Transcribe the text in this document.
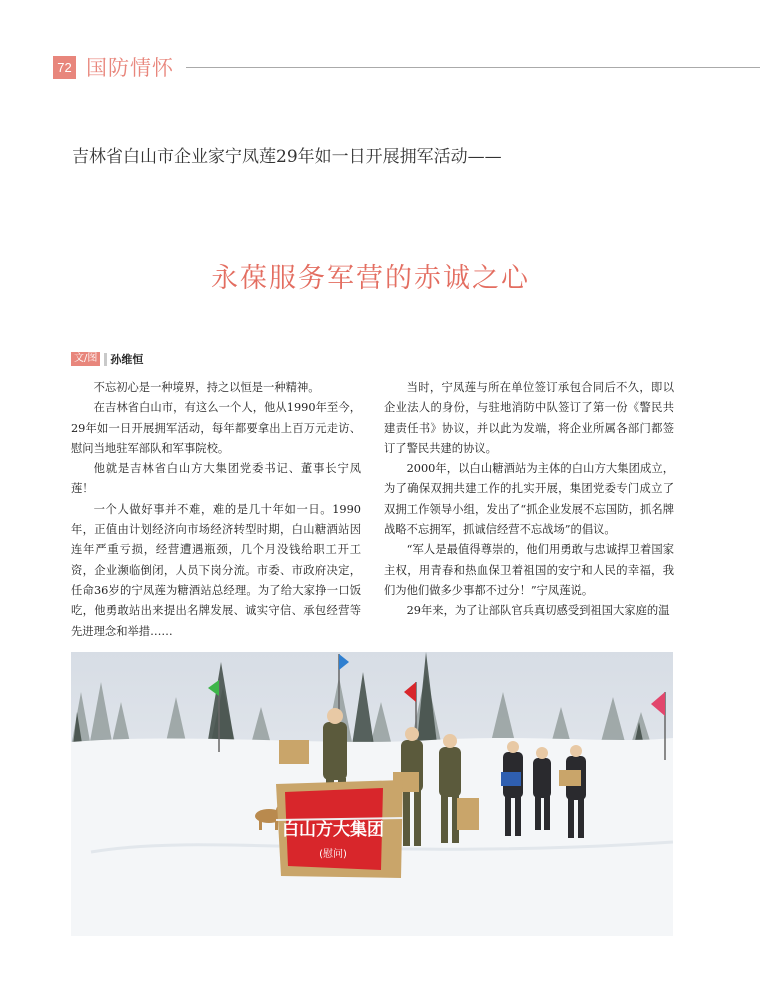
72 国防情怀
吉林省白山市企业家宁凤莲29年如一日开展拥军活动——
永葆服务军营的赤诚之心
文/图 孙维恒

不忘初心是一种境界，持之以恒是一种精神。

在吉林省白山市，有这么一个人，他从1990年至今，29年如一日开展拥军活动，每年都要拿出上百万元走访、慰问当地驻军部队和军事院校。

他就是吉林省白山方大集团党委书记、董事长宁凤莲！

一个人做好事并不难，难的是几十年如一日。1990年，正值由计划经济向市场经济转型时期，白山糖酒站因连年严重亏损，经营遭遇瓶颈，几个月没钱给职工开工资，企业濒临倒闭，人员下岗分流。市委、市政府决定，任命36岁的宁凤莲为糖酒站总经理。为了给大家挣一口饭吃，他勇敢站出来提出名牌发展、诚实守信、承包经营等先进理念和举措……

当时，宁凤莲与所在单位签订承包合同后不久，即以企业法人的身份，与驻地消防中队签订了第一份《警民共建责任书》协议，并以此为发端，将企业所属各部门都签订了警民共建的协议。

2000年，以白山糖酒站为主体的白山方大集团成立，为了确保双拥共建工作的扎实开展，集团党委专门成立了双拥工作领导小组，发出了“抓企业发展不忘国防，抓名牌战略不忘拥军，抓诚信经营不忘战场”的倡议。

“军人是最值得尊崇的，他们用勇敢与忠诚捍卫着国家主权，用青春和热血保卫着祖国的安宁和人民的幸福，我们为他们做多少事都不过分！”宁凤莲说。

29年来，为了让部队官兵真切感受到祖国大家庭的温

白山方大集团
(慰问)
